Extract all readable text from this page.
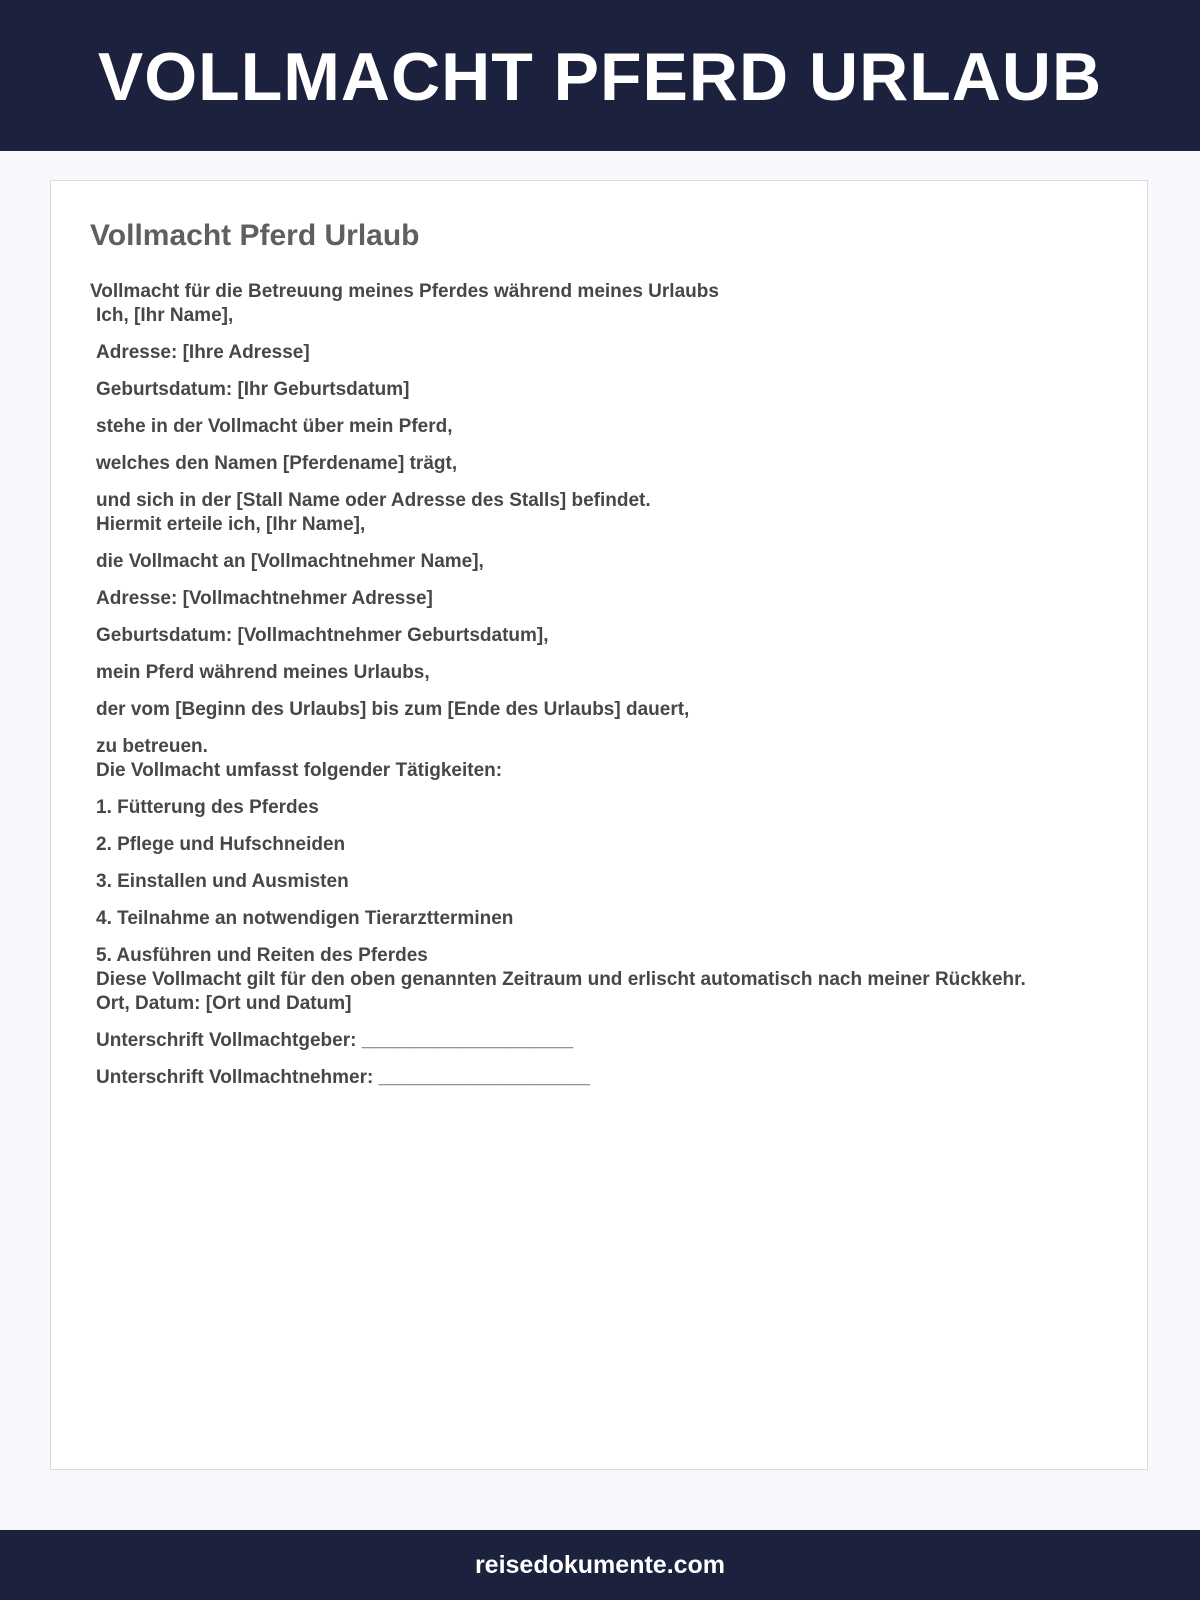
VOLLMACHT PFERD URLAUB
Vollmacht Pferd Urlaub

Vollmacht für die Betreuung meines Pferdes während meines Urlaubs

Ich, [Ihr Name],

Adresse: [Ihre Adresse]

Geburtsdatum: [Ihr Geburtsdatum]

stehe in der Vollmacht über mein Pferd,

welches den Namen [Pferdename] trägt,

und sich in der [Stall Name oder Adresse des Stalls] befindet.

Hiermit erteile ich, [Ihr Name],

die Vollmacht an [Vollmachtnehmer Name],

Adresse: [Vollmachtnehmer Adresse]

Geburtsdatum: [Vollmachtnehmer Geburtsdatum],

mein Pferd während meines Urlaubs,

der vom [Beginn des Urlaubs] bis zum [Ende des Urlaubs] dauert,

zu betreuen.

Die Vollmacht umfasst folgender Tätigkeiten:

1. Fütterung des Pferdes

2. Pflege und Hufschneiden

3. Einstallen und Ausmisten

4. Teilnahme an notwendigen Tierarztterminen

5. Ausführen und Reiten des Pferdes

Diese Vollmacht gilt für den oben genannten Zeitraum und erlischt automatisch nach meiner Rückkehr.

Ort, Datum: [Ort und Datum]

Unterschrift Vollmachtgeber: ____________________

Unterschrift Vollmachtnehmer: ____________________

reisedokumente.com
